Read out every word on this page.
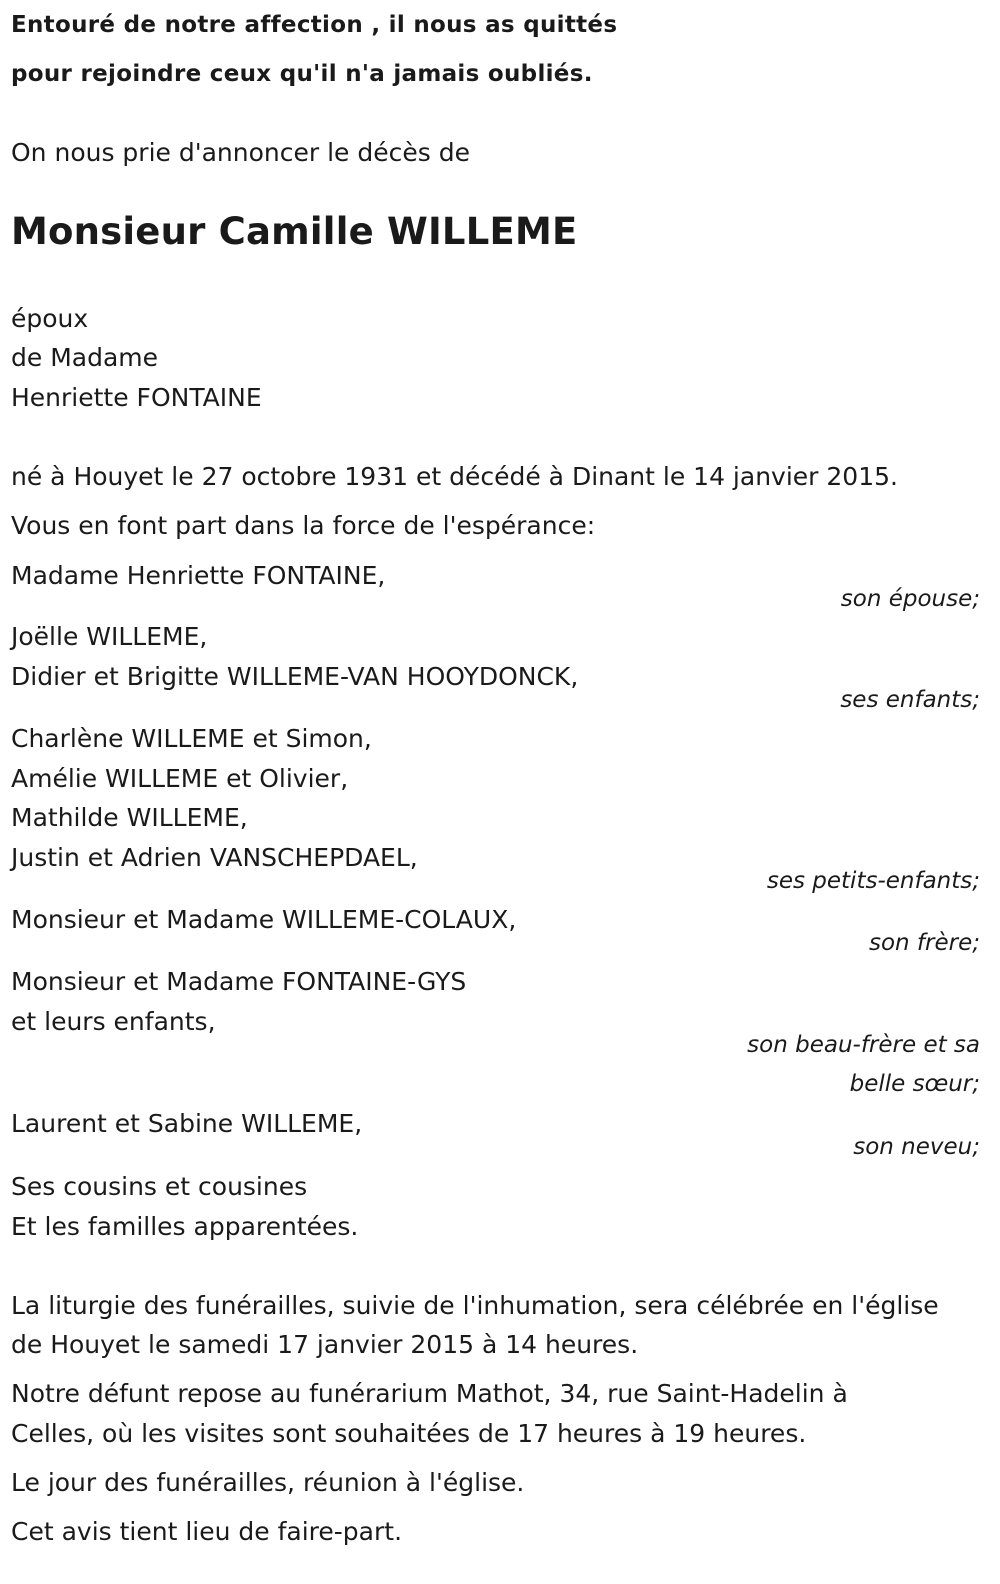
Entouré de notre affection , il nous as quittés

pour rejoindre ceux qu'il n'a jamais oubliés.

On nous prie d'annoncer le décès de

Monsieur Camille WILLEME

époux

de Madame

Henriette FONTAINE

né à Houyet le 27 octobre 1931 et décédé à Dinant le 14 janvier 2015.

Vous en font part dans la force de l'espérance:

Madame Henriette FONTAINE,

son épouse;

Joëlle WILLEME,

Didier et Brigitte WILLEME-VAN HOOYDONCK,

ses enfants;

Charlène WILLEME et Simon,

Amélie WILLEME et Olivier,

Mathilde WILLEME,

Justin et Adrien VANSCHEPDAEL,

ses petits-enfants;

Monsieur et Madame WILLEME-COLAUX,

son frère;

Monsieur et Madame FONTAINE-GYS

et leurs enfants,

son beau-frère et sa

belle sœur;

Laurent et Sabine WILLEME,

son neveu;

Ses cousins et cousines

Et les familles apparentées.

La liturgie des funérailles, suivie de l'inhumation, sera célébrée en l'église

de Houyet le samedi 17 janvier 2015 à 14 heures.

Notre défunt repose au funérarium Mathot, 34, rue Saint-Hadelin à

Celles, où les visites sont souhaitées de 17 heures à 19 heures.

Le jour des funérailles, réunion à l'église.

Cet avis tient lieu de faire-part.
